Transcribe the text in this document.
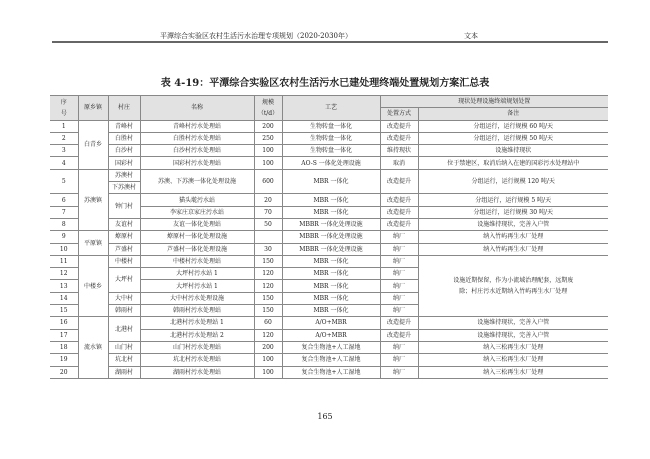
平潭综合实验区农村生活污水治理专项规划（2020-2030年）	文本
表 4-19：平潭综合实验区农村生活污水已建处理终端处置规划方案汇总表
序号	原乡镇	村庄	名称	规模（t/d）	工艺	现状处理设施终端规划处置	
						处置方式	备注
1	白青乡	青峰村	青峰村污水处理站	200	生物转盘一体化	改造提升	分组运行，运行规模 60 吨/天
2		白胜村	白胜村污水处理站	250	生物转盘一体化	改造提升	分组运行，运行规模 50 吨/天
3		白沙村	白沙村污水处理站	100	生物转盘一体化	维持现状	设施维持现状
4		国彩村	国彩村污水处理站	100	AO-S 一体化处理设施	取消	位于禁建区，取消后纳入在建的国彩污水处理站中
5	苏澳镇	苏澳村	苏澳、下苏澳一体化处理设施	600	MBR 一体化	改造提升	分组运行，运行规模 120 吨/天
		下苏澳村					
6		钟门村	猫头墘污水站	20	MBR 一体化	改造提升	分组运行，运行规模 5 吨/天
7			李家庄京家庄污水站	70	MBR 一体化	改造提升	分组运行，运行规模 30 吨/天
8		友谊村	友谊一体化处理站	50	MBBR 一体化处理设施	改造提升	设施维持现状，完善入户管
9	平原镇	燎原村	燎原村一体化处理设施		MBBR 一体化处理设施	纳厂	纳入竹屿再生水厂处理
10		芦盛村	芦盛村一体化处理设施	30	MBBR 一体化处理设施	纳厂	纳入竹屿再生水厂处理
11	中楼乡	中楼村	中楼村污水处理站	150	MBR 一体化	纳厂	设施近期保留，作为小流域治理配套，远期废除；村庄污水近期纳入竹屿再生水厂处理
12		大坪村	大坪村污水站 1	120	MBR 一体化	纳厂	
13			大坪村污水站 1	120	MBR 一体化	纳厂	
14		大中村	大中村污水处理设施	150	MBR 一体化	纳厂	
15		韩雨村	韩雨村污水处理站	150	MBR 一体化	纳厂	
16	流水镇	北港村	北港村污水处理站 1	60	A/O+MBR	改造提升	设施维持现状，完善入户管
17			北港村污水处理站 2	120	A/O+MBR	改造提升	设施维持现状，完善入户管
18		山门村	山门村污水处理站	200	复合生物池+人工湿地	纳厂	纳入三松再生水厂处理
19		坑北村	坑北村污水处理站	100	复合生物池+人工湿地	纳厂	纳入三松再生水厂处理
20		湖雨村	湖雨村污水处理站	100	复合生物池+人工湿地	纳厂	纳入三松再生水厂处理
165
